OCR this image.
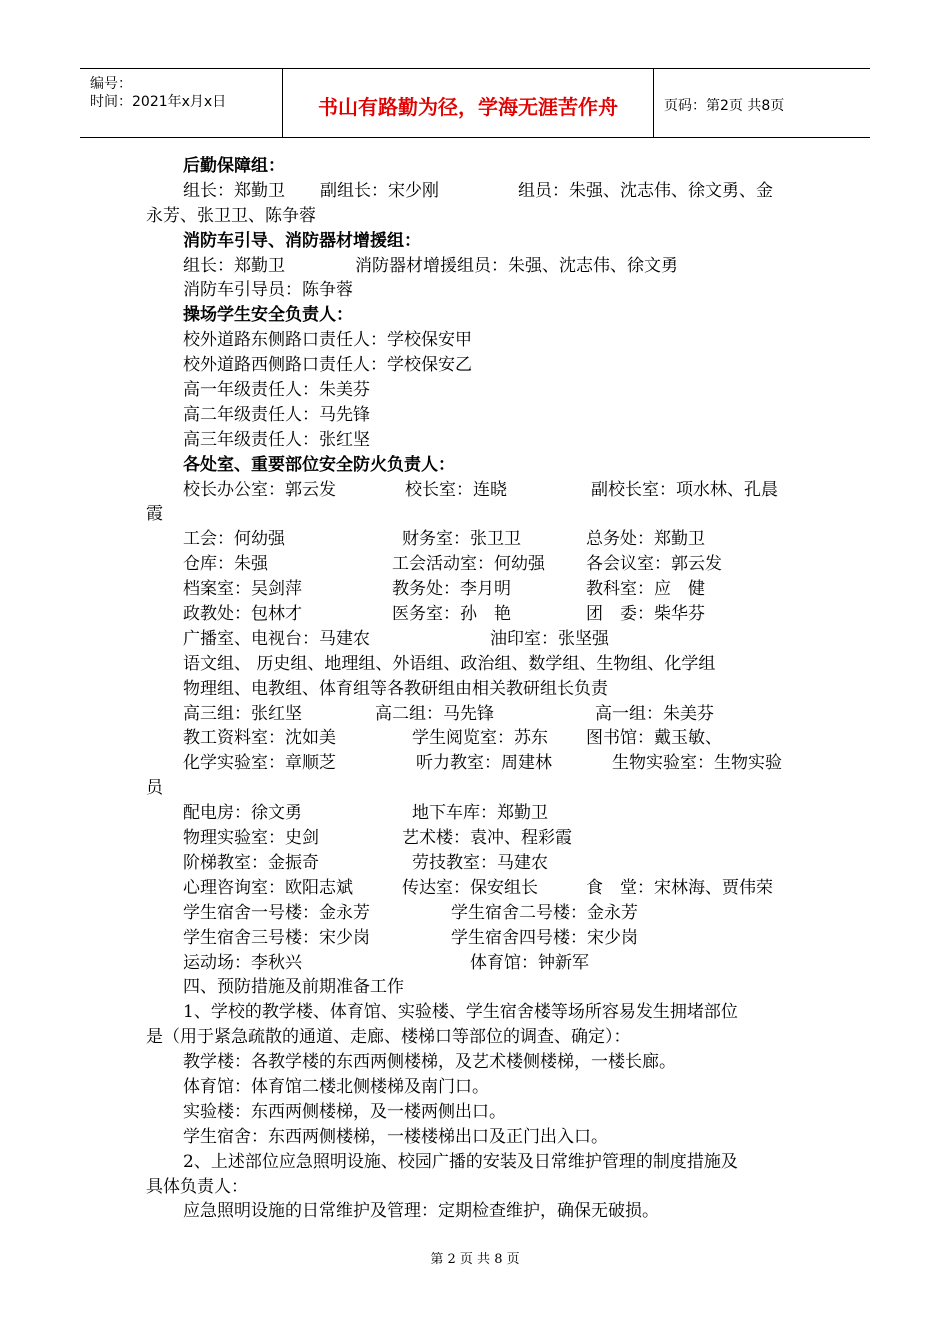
编号：
时间：2021年x月x日	书山有路勤为径，学海无涯苦作舟	页码：第2页 共8页
后勤保障组：
组长：郑勤卫 副组长：宋少刚	组员：朱强、沈志伟、徐文勇、金
永芳、张卫卫、陈争蓉
消防车引导、消防器材增援组：
组长：郑勤卫	消防器材增援组员：朱强、沈志伟、徐文勇
消防车引导员：陈争蓉
操场学生安全负责人：
校外道路东侧路口责任人：学校保安甲
校外道路西侧路口责任人：学校保安乙
高一年级责任人：朱美芬
高二年级责任人：马先锋
高三年级责任人：张红坚
各处室、重要部位安全防火负责人：
校长办公室：郭云发	校长室：连晓	副校长室：项水林、孔晨
霞
工会：何幼强	财务室：张卫卫	总务处：郑勤卫
仓库：朱强	工会活动室：何幼强 各会议室：郭云发
档案室：吴剑萍	教务处：李月明	教科室：应　健
政教处：包林才	医务室：孙　艳	团　委：柴华芬
广播室、电视台：马建农	油印室：张坚强
语文组、 历史组、地理组、外语组、政治组、数学组、生物组、化学组
物理组、电教组、体育组等各教研组由相关教研组长负责
高三组：张红坚	高二组：马先锋	高一组：朱美芬
教工资料室：沈如美	学生阅览室：苏东 图书馆：戴玉敏、
化学实验室：章顺芝	听力教室：周建林	生物实验室：生物实验
员
配电房：徐文勇	地下车库：郑勤卫
物理实验室：史剑	艺术楼：袁冲、程彩霞
阶梯教室：金振奇	劳技教室：马建农
心理咨询室：欧阳志斌	传达室：保安组长	食　堂：宋林海、贾伟荣
学生宿舍一号楼：金永芳	学生宿舍二号楼：金永芳
学生宿舍三号楼：宋少岗	学生宿舍四号楼：宋少岗
运动场：李秋兴	体育馆：钟新军
四、预防措施及前期准备工作
1、学校的教学楼、体育馆、实验楼、学生宿舍楼等场所容易发生拥堵部位
是（用于紧急疏散的通道、走廊、楼梯口等部位的调查、确定）：
教学楼：各教学楼的东西两侧楼梯，及艺术楼侧楼梯，一楼长廊。
体育馆：体育馆二楼北侧楼梯及南门口。
实验楼：东西两侧楼梯，及一楼两侧出口。
学生宿舍：东西两侧楼梯，一楼楼梯出口及正门出入口。
2、上述部位应急照明设施、校园广播的安装及日常维护管理的制度措施及
具体负责人：
应急照明设施的日常维护及管理：定期检查维护，确保无破损。
第 2 页 共 8 页
